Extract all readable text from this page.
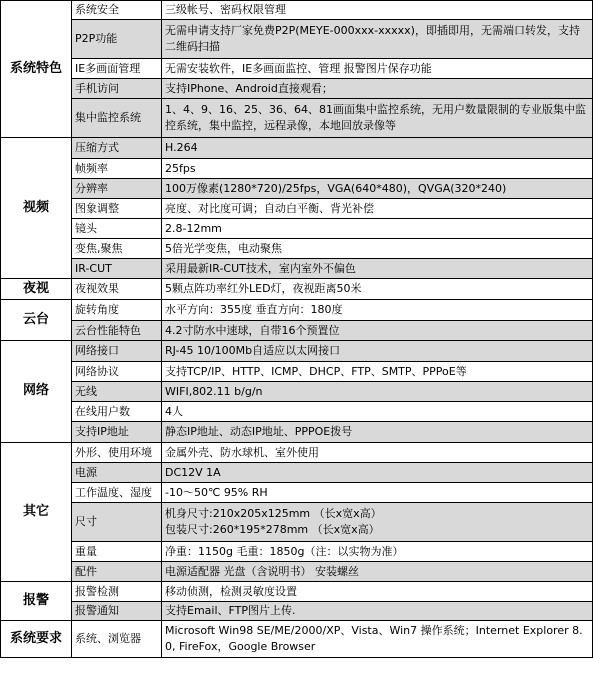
系统特色	系统安全	三级帐号、密码权限管理

	P2P功能	无需申请支持厂家免费P2P(MEYE-000xxx-xxxxx)，即插即用，无需端口转发，支持二维码扫描

	IE多画面管理	无需安装软件，IE多画面监控、管理 报警图片保存功能

	手机访问	支持IPhone、Android直接观看；

	集中监控系统	1、4、9、16、25、36、64、81画面集中监控系统，无用户数量限制的专业版集中监控系统，集中监控，远程录像，本地回放录像等

视频	压缩方式	H.264

	帧频率	25fps

	分辨率	100万像素(1280*720)/25fps，VGA(640*480)，QVGA(320*240)

	图象调整	亮度、对比度可调；自动白平衡、背光补偿

	镜头	2.8-12mm

	变焦,聚焦	5倍光学变焦，电动聚焦

	IR-CUT	采用最新IR-CUT技术，室内室外不偏色

夜视	夜视效果	5颗点阵功率红外LED灯，夜视距离50米

云台	旋转角度	水平方向：355度 垂直方向：180度

	云台性能特色	4.2寸防水中速球，自带16个预置位

网络	网络接口	RJ-45 10/100Mb自适应以太网接口

	网络协议	支持TCP/IP、HTTP、ICMP、DHCP、FTP、SMTP、PPPoE等

	无线	WIFI,802.11 b/g/n

	在线用户数	4人

	支持IP地址	静态IP地址、动态IP地址、PPPOE拨号

其它	外形、使用环境	金属外壳、防水球机、室外使用

	电源	DC12V 1A

	工作温度、湿度	-10～50℃ 95% RH

	尺寸	机身尺寸:210x205x125mm （长x宽x高）
包装尺寸:260*195*278mm （长x宽x高）

	重量	净重：1150g 毛重：1850g（注：以实物为准）

	配件	电源适配器 光盘（含说明书） 安装螺丝

报警	报警检测	移动侦测，检测灵敏度设置

	报警通知	支持Email、FTP图片上传.

系统要求	系统、浏览器	Microsoft Win98 SE/ME/2000/XP、Vista、Win7 操作系统；Internet Explorer 8.0, FireFox，Google Browser
